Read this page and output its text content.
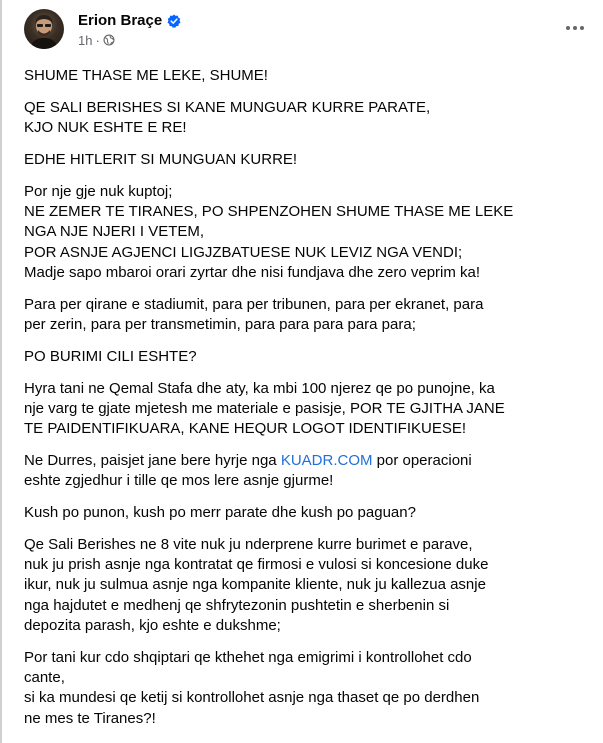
Erion Braçe
1h ·

SHUME THASE ME LEKE, SHUME!

QE SALI BERISHES SI KANE MUNGUAR KURRE PARATE,
KJO NUK ESHTE E RE!

EDHE HITLERIT SI MUNGUAN KURRE!

Por nje gje nuk kuptoj;
NE ZEMER TE TIRANES, PO SHPENZOHEN SHUME THASE ME LEKE
NGA NJE NJERI I VETEM,
POR ASNJE AGJENCI LIGJZBATUESE NUK LEVIZ NGA VENDI;
Madje sapo mbaroi orari zyrtar dhe nisi fundjava dhe zero veprim ka!

Para per qirane e stadiumit, para per tribunen, para per ekranet, para
per zerin, para per transmetimin, para para para para para;

PO BURIMI CILI ESHTE?

Hyra tani ne Qemal Stafa dhe aty, ka mbi 100 njerez qe po punojne, ka
nje varg te gjate mjetesh me materiale e pasisje, POR TE GJITHA JANE
TE PAIDENTIFIKUARA, KANE HEQUR LOGOT IDENTIFIKUESE!

Ne Durres, paisjet jane bere hyrje nga KUADR.COM por operacioni
eshte zgjedhur i tille qe mos lere asnje gjurme!

Kush po punon, kush po merr parate dhe kush po paguan?

Qe Sali Berishes ne 8 vite nuk ju nderprene kurre burimet e parave,
nuk ju prish asnje nga kontratat qe firmosi e vulosi si koncesione duke
ikur, nuk ju sulmua asnje nga kompanite kliente, nuk ju kallezua asnje
nga hajdutet e medhenj qe shfrytezonin pushtetin e sherbenin si
depozita parash, kjo eshte e dukshme;

Por tani kur cdo shqiptari qe kthehet nga emigrimi i kontrollohet cdo
cante,
si ka mundesi qe ketij si kontrollohet asnje nga thaset qe po derdhen
ne mes te Tiranes?!
